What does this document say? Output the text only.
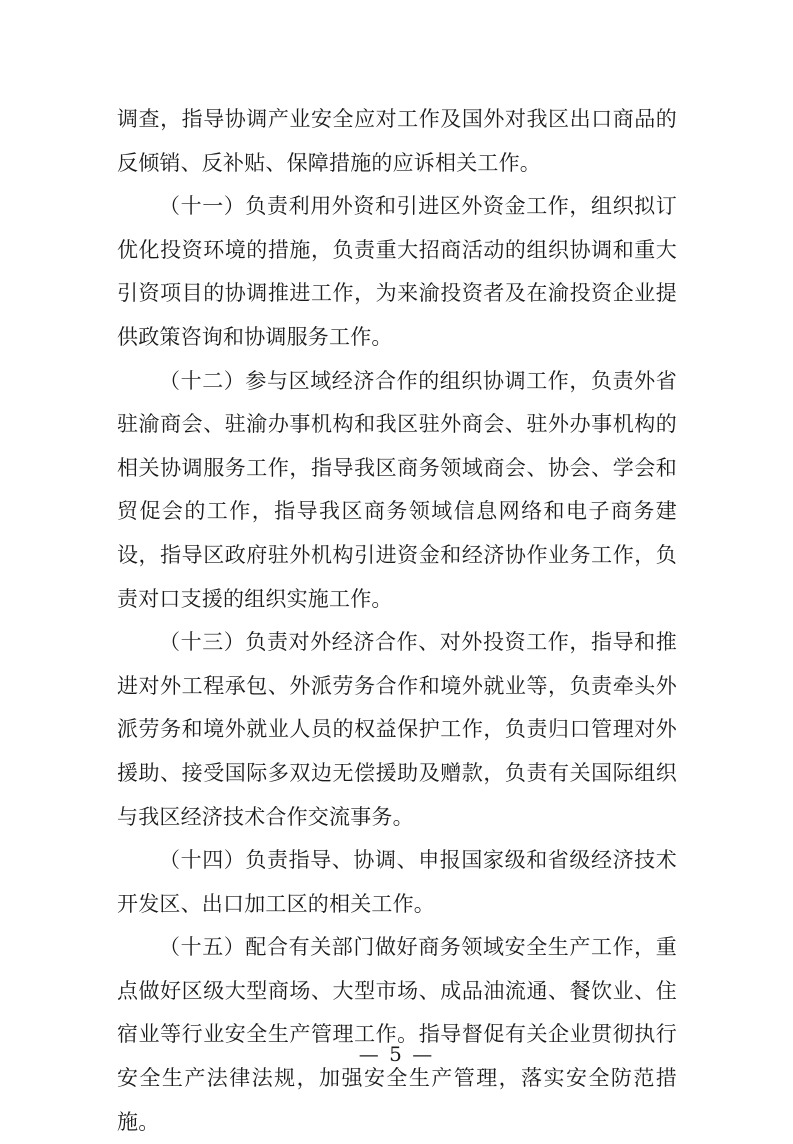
调查，指导协调产业安全应对工作及国外对我区出口商品的反倾销、反补贴、保障措施的应诉相关工作。

（十一）负责利用外资和引进区外资金工作，组织拟订优化投资环境的措施，负责重大招商活动的组织协调和重大引资项目的协调推进工作，为来渝投资者及在渝投资企业提供政策咨询和协调服务工作。

（十二）参与区域经济合作的组织协调工作，负责外省驻渝商会、驻渝办事机构和我区驻外商会、驻外办事机构的相关协调服务工作，指导我区商务领域商会、协会、学会和贸促会的工作，指导我区商务领域信息网络和电子商务建设，指导区政府驻外机构引进资金和经济协作业务工作，负责对口支援的组织实施工作。

（十三）负责对外经济合作、对外投资工作，指导和推进对外工程承包、外派劳务合作和境外就业等，负责牵头外派劳务和境外就业人员的权益保护工作，负责归口管理对外援助、接受国际多双边无偿援助及赠款，负责有关国际组织与我区经济技术合作交流事务。

（十四）负责指导、协调、申报国家级和省级经济技术开发区、出口加工区的相关工作。

（十五）配合有关部门做好商务领域安全生产工作，重点做好区级大型商场、大型市场、成品油流通、餐饮业、住宿业等行业安全生产管理工作。指导督促有关企业贯彻执行安全生产法律法规，加强安全生产管理，落实安全防范措施。

— 5 —
